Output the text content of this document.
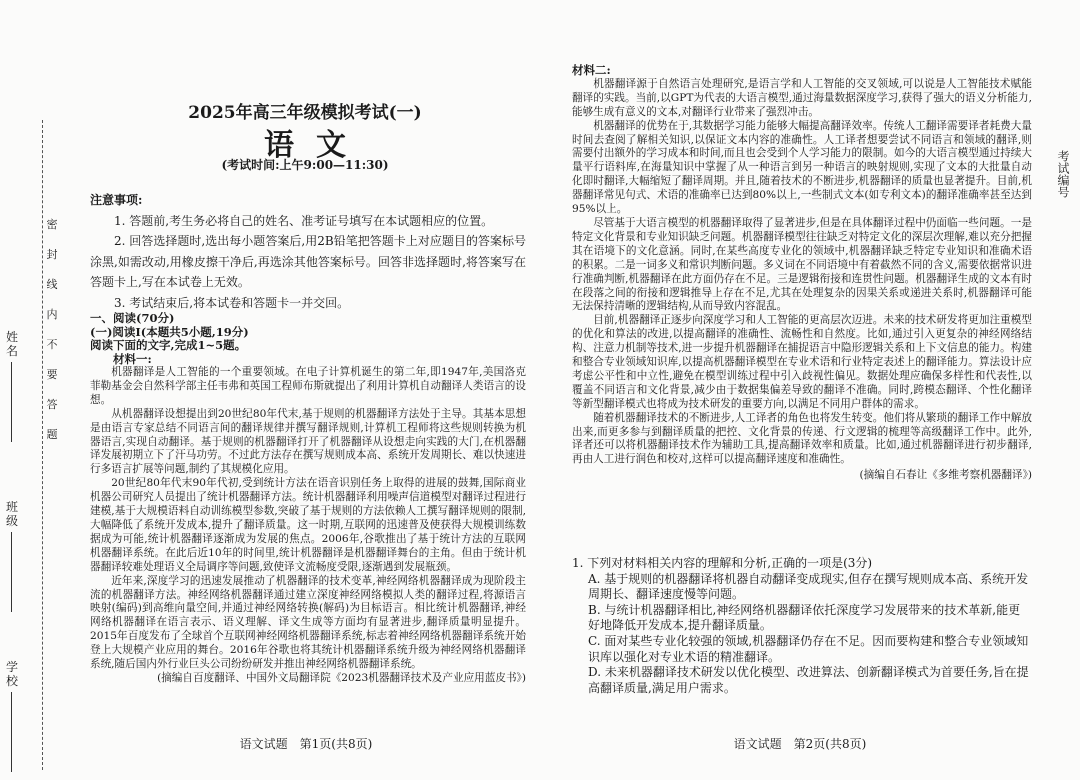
密
封
线
内
不
要
答
题
姓名
班级
学校
考试编号
2025年高三年级模拟考试(一)
语文
(考试时间:上午9:00—11:30)
注意事项:

1. 答题前,考生务必将自己的姓名、准考证号填写在本试题相应的位置。

2. 回答选择题时,选出每小题答案后,用2B铅笔把答题卡上对应题目的答案标号涂黑,如需改动,用橡皮擦干净后,再选涂其他答案标号。回答非选择题时,将答案写在答题卡上,写在本试卷上无效。

3. 考试结束后,将本试卷和答题卡一并交回。

一、阅读(70分)
(一)阅读Ⅰ(本题共5小题,19分)
阅读下面的文字,完成1~5题。
材料一:

机器翻译是人工智能的一个重要领域。在电子计算机诞生的第二年,即1947年,美国洛克菲勒基金会自然科学部主任韦弗和英国工程师布斯就提出了利用计算机自动翻译人类语言的设想。

从机器翻译设想提出到20世纪80年代末,基于规则的机器翻译方法处于主导。其基本思想是由语言专家总结不同语言间的翻译规律并撰写翻译规则,计算机工程师将这些规则转换为机器语言,实现自动翻译。基于规则的机器翻译打开了机器翻译从设想走向实践的大门,在机器翻译发展初期立下了汗马功劳。不过此方法存在撰写规则成本高、系统开发周期长、难以快速进行多语言扩展等问题,制约了其规模化应用。

20世纪80年代末90年代初,受到统计方法在语音识别任务上取得的进展的鼓舞,国际商业机器公司研究人员提出了统计机器翻译方法。统计机器翻译利用噪声信道模型对翻译过程进行建模,基于大规模语料自动训练模型参数,突破了基于规则的方法依赖人工撰写翻译规则的限制,大幅降低了系统开发成本,提升了翻译质量。这一时期,互联网的迅速普及使获得大规模训练数据成为可能,统计机器翻译逐渐成为发展的焦点。2006年,谷歌推出了基于统计方法的互联网机器翻译系统。在此后近10年的时间里,统计机器翻译是机器翻译舞台的主角。但由于统计机器翻译较难处理语义全局调序等问题,致使译文流畅度受限,逐渐遇到发展瓶颈。

近年来,深度学习的迅速发展推动了机器翻译的技术变革,神经网络机器翻译成为现阶段主流的机器翻译方法。神经网络机器翻译通过建立深度神经网络模拟人类的翻译过程,将源语言映射(编码)到高维向量空间,并通过神经网络转换(解码)为目标语言。相比统计机器翻译,神经网络机器翻译在语言表示、语义理解、译文生成等方面均有显著进步,翻译质量明显提升。2015年百度发布了全球首个互联网神经网络机器翻译系统,标志着神经网络机器翻译系统开始登上大规模产业应用的舞台。2016年谷歌也将其统计机器翻译系统升级为神经网络机器翻译系统,随后国内外行业巨头公司纷纷研发并推出神经网络机器翻译系统。

(摘编自百度翻译、中国外文局翻译院《2023机器翻译技术及产业应用蓝皮书》)
语文试题　第1页(共8页)
材料二:

机器翻译源于自然语言处理研究,是语言学和人工智能的交叉领域,可以说是人工智能技术赋能翻译的实践。当前,以GPT为代表的大语言模型,通过海量数据深度学习,获得了强大的语义分析能力,能够生成有意义的文本,对翻译行业带来了强烈冲击。

机器翻译的优势在于,其数据学习能力能够大幅提高翻译效率。传统人工翻译需要译者耗费大量时间去查阅了解相关知识,以保证文本内容的准确性。人工译者想要尝试不同语言和领域的翻译,则需要付出额外的学习成本和时间,而且也会受到个人学习能力的限制。如今的大语言模型通过持续大量平行语料库,在海量知识中掌握了从一种语言到另一种语言的映射规则,实现了文本的大批量自动化即时翻译,大幅缩短了翻译周期。并且,随着技术的不断进步,机器翻译的质量也显著提升。目前,机器翻译常见句式、术语的准确率已达到80%以上,一些制式文本(如专利文本)的翻译准确率甚至达到95%以上。

尽管基于大语言模型的机器翻译取得了显著进步,但是在具体翻译过程中仍面临一些问题。一是特定文化背景和专业知识缺乏问题。机器翻译模型往往缺乏对特定文化的深层次理解,难以充分把握其在语境下的文化意涵。同时,在某些高度专业化的领域中,机器翻译缺乏特定专业知识和准确术语的积累。二是一词多义和常识判断问题。多义词在不同语境中有着截然不同的含义,需要依据常识进行准确判断,机器翻译在此方面仍存在不足。三是逻辑衔接和连贯性问题。机器翻译生成的文本有时在段落之间的衔接和逻辑推导上存在不足,尤其在处理复杂的因果关系或递进关系时,机器翻译可能无法保持清晰的逻辑结构,从而导致内容混乱。

目前,机器翻译正逐步向深度学习和人工智能的更高层次迈进。未来的技术研发将更加注重模型的优化和算法的改进,以提高翻译的准确性、流畅性和自然度。比如,通过引入更复杂的神经网络结构、注意力机制等技术,进一步提升机器翻译在捕捉语言中隐形逻辑关系和上下文信息的能力。构建和整合专业领域知识库,以提高机器翻译模型在专业术语和行业特定表述上的翻译能力。算法设计应考虑公平性和中立性,避免在模型训练过程中引入歧视性偏见。数据处理应确保多样性和代表性,以覆盖不同语言和文化背景,减少由于数据集偏差导致的翻译不准确。同时,跨模态翻译、个性化翻译等新型翻译模式也将成为技术研发的重要方向,以满足不同用户群体的需求。

随着机器翻译技术的不断进步,人工译者的角色也将发生转变。他们将从繁琐的翻译工作中解放出来,而更多参与到翻译质量的把控、文化背景的传递、行文逻辑的梳理等高级翻译工作中。此外,译者还可以将机器翻译技术作为辅助工具,提高翻译效率和质量。比如,通过机器翻译进行初步翻译,再由人工进行润色和校对,这样可以提高翻译速度和准确性。

(摘编自石春让《多维考察机器翻译》)

1. 下列对材料相关内容的理解和分析,正确的一项是(3分)

A. 基于规则的机器翻译将机器自动翻译变成现实,但存在撰写规则成本高、系统开发周期长、翻译速度慢等问题。

B. 与统计机器翻译相比,神经网络机器翻译依托深度学习发展带来的技术革新,能更好地降低开发成本,提升翻译质量。

C. 面对某些专业化较强的领域,机器翻译仍存在不足。因而要构建和整合专业领域知识库以强化对专业术语的精准翻译。

D. 未来机器翻译技术研发以优化模型、改进算法、创新翻译模式为首要任务,旨在提高翻译质量,满足用户需求。

语文试题　第2页(共8页)
